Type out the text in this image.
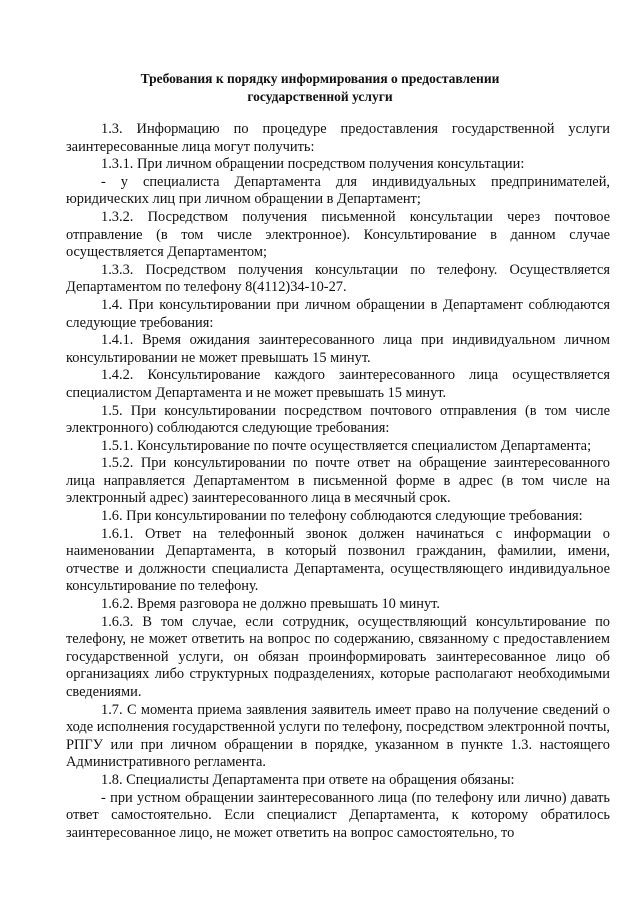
Требования к порядку информирования о предоставлении
государственной услуги

1.3. Информацию по процедуре предоставления государственной услуги заинтересованные лица могут получить:

1.3.1. При личном обращении посредством получения консультации:

- у специалиста Департамента для индивидуальных предпринимателей, юридических лиц при личном обращении в Департамент;

1.3.2. Посредством получения письменной консультации через почтовое отправление (в том числе электронное). Консультирование в данном случае осуществляется Департаментом;

1.3.3. Посредством получения консультации по телефону. Осуществляется Департаментом по телефону 8(4112)34-10-27.

1.4. При консультировании при личном обращении в Департамент соблюдаются следующие требования:

1.4.1. Время ожидания заинтересованного лица при индивидуальном личном консультировании не может превышать 15 минут.

1.4.2. Консультирование каждого заинтересованного лица осуществляется специалистом Департамента и не может превышать 15 минут.

1.5. При консультировании посредством почтового отправления (в том числе электронного) соблюдаются следующие требования:

1.5.1. Консультирование по почте осуществляется специалистом Департамента;

1.5.2. При консультировании по почте ответ на обращение заинтересованного лица направляется Департаментом в письменной форме в адрес (в том числе на электронный адрес) заинтересованного лица в месячный срок.

1.6. При консультировании по телефону соблюдаются следующие требования:

1.6.1. Ответ на телефонный звонок должен начинаться с информации о наименовании Департамента, в который позвонил гражданин, фамилии, имени, отчестве и должности специалиста Департамента, осуществляющего индивидуальное консультирование по телефону.

1.6.2. Время разговора не должно превышать 10 минут.

1.6.3. В том случае, если сотрудник, осуществляющий консультирование по телефону, не может ответить на вопрос по содержанию, связанному с предоставлением государственной услуги, он обязан проинформировать заинтересованное лицо об организациях либо структурных подразделениях, которые располагают необходимыми сведениями.

1.7. С момента приема заявления заявитель имеет право на получение сведений о ходе исполнения государственной услуги по телефону, посредством электронной почты, РПГУ или при личном обращении в порядке, указанном в пункте 1.3. настоящего Административного регламента.

1.8. Специалисты Департамента при ответе на обращения обязаны:

- при устном обращении заинтересованного лица (по телефону или лично) давать ответ самостоятельно. Если специалист Департамента, к которому обратилось заинтересованное лицо, не может ответить на вопрос самостоятельно, то
